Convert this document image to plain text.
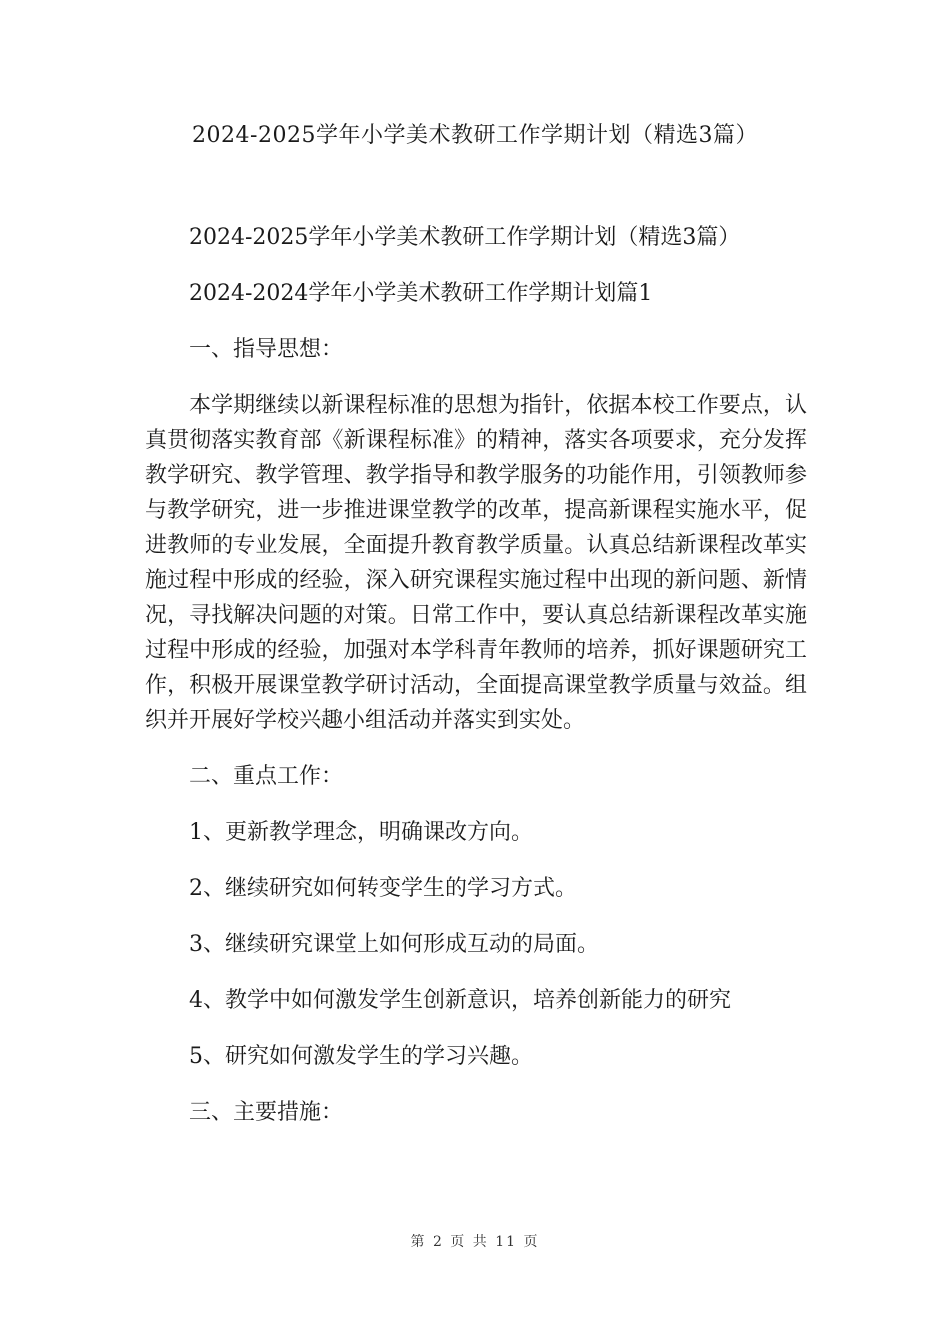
2024-2025学年小学美术教研工作学期计划（精选3篇）

2024-2025学年小学美术教研工作学期计划（精选3篇）

2024-2024学年小学美术教研工作学期计划篇1

一、指导思想：

本学期继续以新课程标准的思想为指针，依据本校工作要点，认真贯彻落实教育部《新课程标准》的精神，落实各项要求，充分发挥教学研究、教学管理、教学指导和教学服务的功能作用，引领教师参与教学研究，进一步推进课堂教学的改革，提高新课程实施水平，促进教师的专业发展，全面提升教育教学质量。认真总结新课程改革实施过程中形成的经验，深入研究课程实施过程中出现的新问题、新情况，寻找解决问题的对策。日常工作中，要认真总结新课程改革实施过程中形成的经验，加强对本学科青年教师的培养，抓好课题研究工作，积极开展课堂教学研讨活动，全面提高课堂教学质量与效益。组织并开展好学校兴趣小组活动并落实到实处。

二、重点工作：

1、更新教学理念，明确课改方向。

2、继续研究如何转变学生的学习方式。

3、继续研究课堂上如何形成互动的局面。

4、教学中如何激发学生创新意识，培养创新能力的研究

5、研究如何激发学生的学习兴趣。

三、主要措施：

第 2 页 共 11 页
